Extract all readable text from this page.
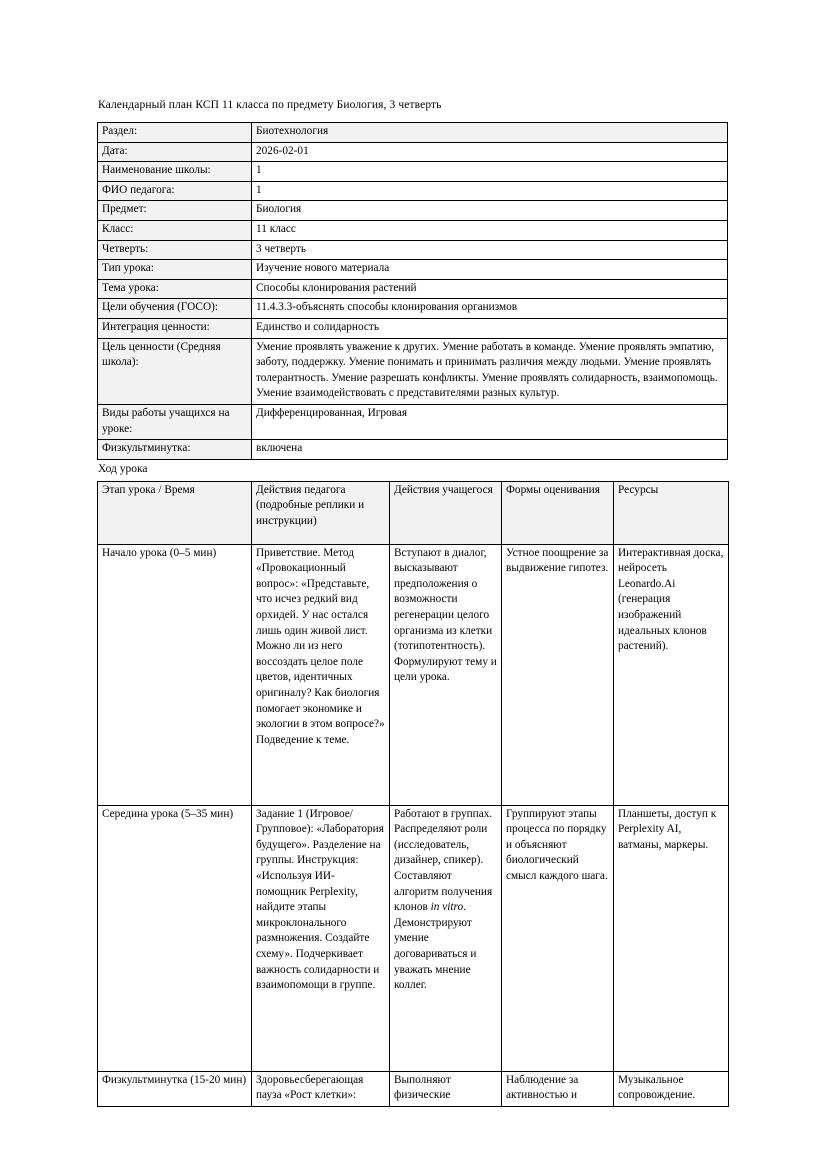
Календарный план КСП 11 класса по предмету Биология, 3 четверть
Раздел:	Биотехнология
Дата:	2026-02-01
Наименование школы:	1
ФИО педагога:	1
Предмет:	Биология
Класс:	11 класс
Четверть:	3 четверть
Тип урока:	Изучение нового материала
Тема урока:	Способы клонирования растений
Цели обучения (ГОСО):	11.4.3.3-объяснять способы клонирования организмов
Интеграция ценности:	Единство и солидарность
Цель ценности (Средняя школа):	Умение проявлять уважение к других. Умение работать в команде. Умение проявлять эмпатию, заботу, поддержку. Умение понимать и принимать различия между людьми. Умение проявлять толерантность. Умение разрешать конфликты. Умение проявлять солидарность, взаимопомощь. Умение взаимодействовать с представителями разных культур.
Виды работы учащихся на уроке:	Дифференцированная, Игровая
Физкультминутка:	включена
Ход урока
Этап урока / Время	Действия педагога (подробные реплики и инструкции)	Действия учащегося	Формы оценивания	Ресурсы
Начало урока (0–5 мин)	Приветствие. Метод «Провокационный вопрос»: «Представьте, что исчез редкий вид орхидей. У нас остался лишь один живой лист. Можно ли из него воссоздать целое поле цветов, идентичных оригиналу? Как биология помогает экономике и экологии в этом вопросе?» Подведение к теме.	Вступают в диалог, высказывают предположения о возможности регенерации целого организма из клетки (тотипотентность). Формулируют тему и цели урока.	Устное поощрение за выдвижение гипотез.	Интерактивная доска, нейросеть Leonardo.Ai (генерация изображений идеальных клонов растений).
Середина урока (5–35 мин)	Задание 1 (Игровое/Групповое): «Лаборатория будущего». Разделение на группы. Инструкция: «Используя ИИ-помощник Perplexity, найдите этапы микроклонального размножения. Создайте схему». Подчеркивает важность солидарности и взаимопомощи в группе.	Работают в группах. Распределяют роли (исследователь, дизайнер, спикер). Составляют алгоритм получения клонов in vitro. Демонстрируют умение договариваться и уважать мнение коллег.	Группируют этапы процесса по порядку и объясняют биологический смысл каждого шага.	Планшеты, доступ к Perplexity AI, ватманы, маркеры.
Физкультминутка (15-20 мин)	Здоровьесберегающая пауза «Рост клетки»:	Выполняют физические	Наблюдение за активностью и	Музыкальное сопровождение.
